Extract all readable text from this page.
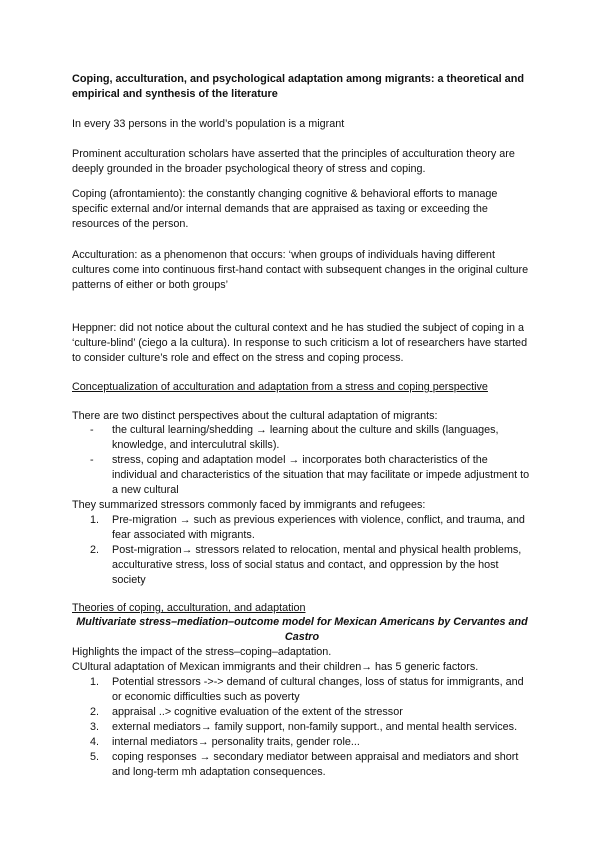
Coping, acculturation, and psychological adaptation among migrants: a theoretical and empirical and synthesis of the literature

In every 33 persons in the world’s population is a migrant

Prominent acculturation scholars have asserted that the principles of acculturation theory are deeply grounded in the broader psychological theory of stress and coping.

Coping (afrontamiento): the constantly changing cognitive & behavioral efforts to manage specific external and/or internal demands that are appraised as taxing or exceeding the resources of the person.

Acculturation: as a phenomenon that occurs: ‘when groups of individuals having different cultures come into continuous first-hand contact with subsequent changes in the original culture patterns of either or both groups’

Heppner: did not notice about the cultural context and he has studied the subject of coping in a ‘culture-blind’ (ciego a la cultura). In response to such criticism a lot of researchers have started to consider culture’s role and effect on the stress and coping process.

Conceptualization of acculturation and adaptation from a stress and coping perspective

There are two distinct perspectives about the cultural adaptation of migrants:

- the cultural learning/shedding → learning about the culture and skills (languages, knowledge, and interculutral skills).
- stress, coping and adaptation model → incorporates both characteristics of the individual and characteristics of the situation that may facilitate or impede adjustment to a new cultural

They summarized stressors commonly faced by immigrants and refugees:

1. Pre-migration → such as previous experiences with violence, conflict, and trauma, and fear associated with migrants.
2. Post-migration→ stressors related to relocation, mental and physical health problems, acculturative stress, loss of social status and contact, and oppression by the host society

Theories of coping, acculturation, and adaptation

Multivariate stress–mediation–outcome model for Mexican Americans by Cervantes and Castro

Highlights the impact of the stress–coping–adaptation.

CUltural adaptation of Mexican immigrants and their children→ has 5 generic factors.

1. Potential stressors ->-> demand of cultural changes, loss of status for immigrants, and or economic difficulties such as poverty
2. appraisal ..> cognitive evaluation of the extent of the stressor
3. external mediators→ family support, non-family support., and mental health services.
4. internal mediators→ personality traits, gender role...
5. coping responses → secondary mediator between appraisal and mediators and short and long-term mh adaptation consequences.
